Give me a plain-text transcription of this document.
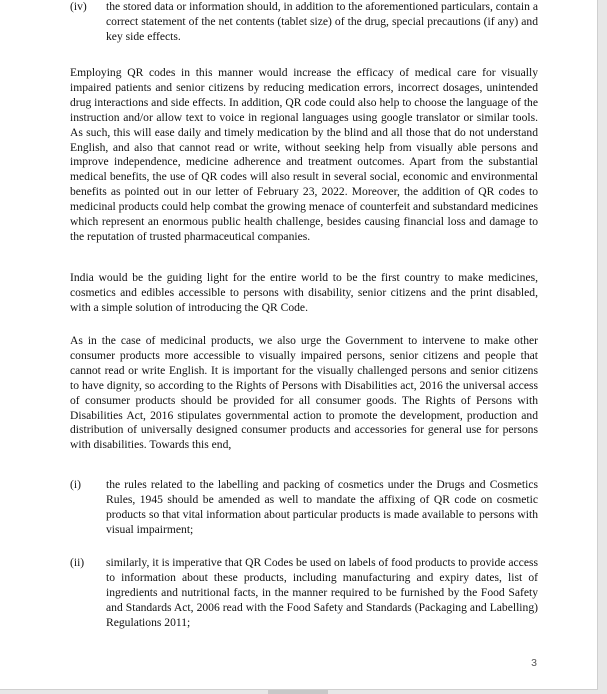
(iv)	the stored data or information should, in addition to the aforementioned particulars, contain a correct statement of the net contents (tablet size) of the drug, special precautions (if any) and key side effects.

Employing QR codes in this manner would increase the efficacy of medical care for visually impaired patients and senior citizens by reducing medication errors, incorrect dosages, unintended drug interactions and side effects. In addition, QR code could also help to choose the language of the instruction and/or allow text to voice in regional languages using google translator or similar tools. As such, this will ease daily and timely medication by the blind and all those that do not understand English, and also that cannot read or write, without seeking help from visually able persons and improve independence, medicine adherence and treatment outcomes. Apart from the substantial medical benefits, the use of QR codes will also result in several social, economic and environmental benefits as pointed out in our letter of February 23, 2022. Moreover, the addition of QR codes to medicinal products could help combat the growing menace of counterfeit and substandard medicines which represent an enormous public health challenge, besides causing financial loss and damage to the reputation of trusted pharmaceutical companies.

India would be the guiding light for the entire world to be the first country to make medicines, cosmetics and edibles accessible to persons with disability, senior citizens and the print disabled, with a simple solution of introducing the QR Code.

As in the case of medicinal products, we also urge the Government to intervene to make other consumer products more accessible to visually impaired persons, senior citizens and people that cannot read or write English. It is important for the visually challenged persons and senior citizens to have dignity, so according to the Rights of Persons with Disabilities act, 2016 the universal access of consumer products should be provided for all consumer goods. The Rights of Persons with Disabilities Act, 2016 stipulates governmental action to promote the development, production and distribution of universally designed consumer products and accessories for general use for persons with disabilities. Towards this end,

(i)	the rules related to the labelling and packing of cosmetics under the Drugs and Cosmetics Rules, 1945 should be amended as well to mandate the affixing of QR code on cosmetic products so that vital information about particular products is made available to persons with visual impairment;
(ii)	similarly, it is imperative that QR Codes be used on labels of food products to provide access to information about these products, including manufacturing and expiry dates, list of ingredients and nutritional facts, in the manner required to be furnished by the Food Safety and Standards Act, 2006 read with the Food Safety and Standards (Packaging and Labelling) Regulations 2011;
3
